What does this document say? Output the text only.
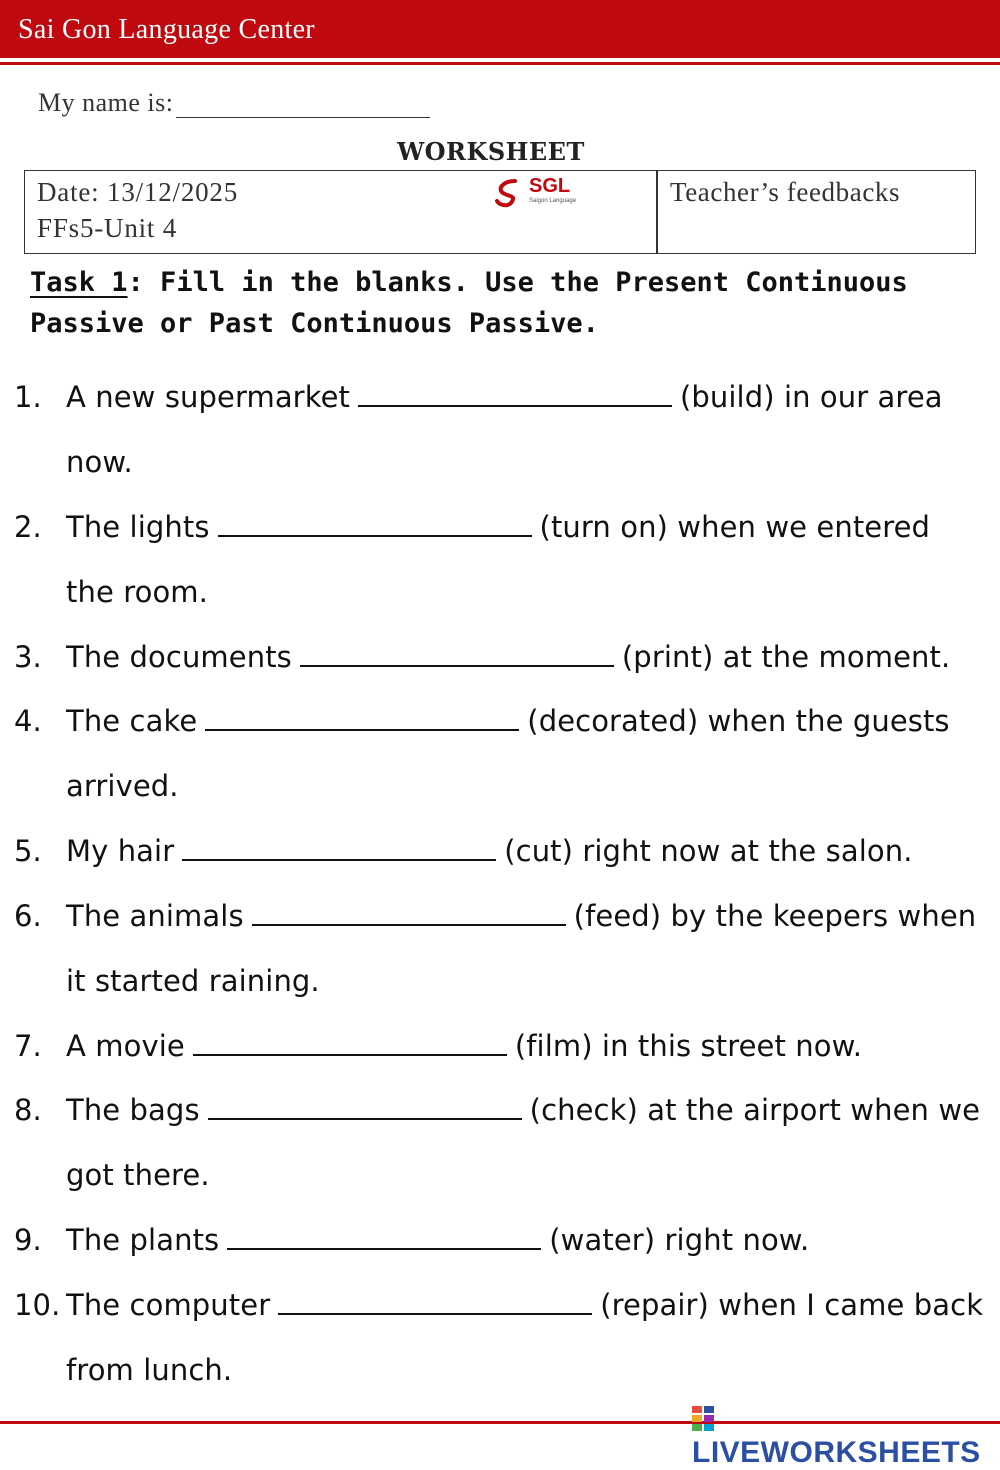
Sai Gon Language Center
My name is:
WORKSHEET
Date: 13/12/2025
FFs5-Unit 4
SGL
Saigon Language	Teacher’s feedbacks
Task 1: Fill in the blanks. Use the Present Continuous Passive or Past Continuous Passive.
1. A new supermarket	(build) in our area now.
2. The lights	(turn on) when we entered the room.
3. The documents	(print) at the moment.
4. The cake	(decorated) when the guests arrived.
5. My hair	(cut) right now at the salon.
6. The animals	(feed) by the keepers when it started raining.
7. A movie	(film) in this street now.
8. The bags	(check) at the airport when we got there.
9. The plants	(water) right now.
10. The computer	(repair) when I came back from lunch.
LIVEWORKSHEETS
